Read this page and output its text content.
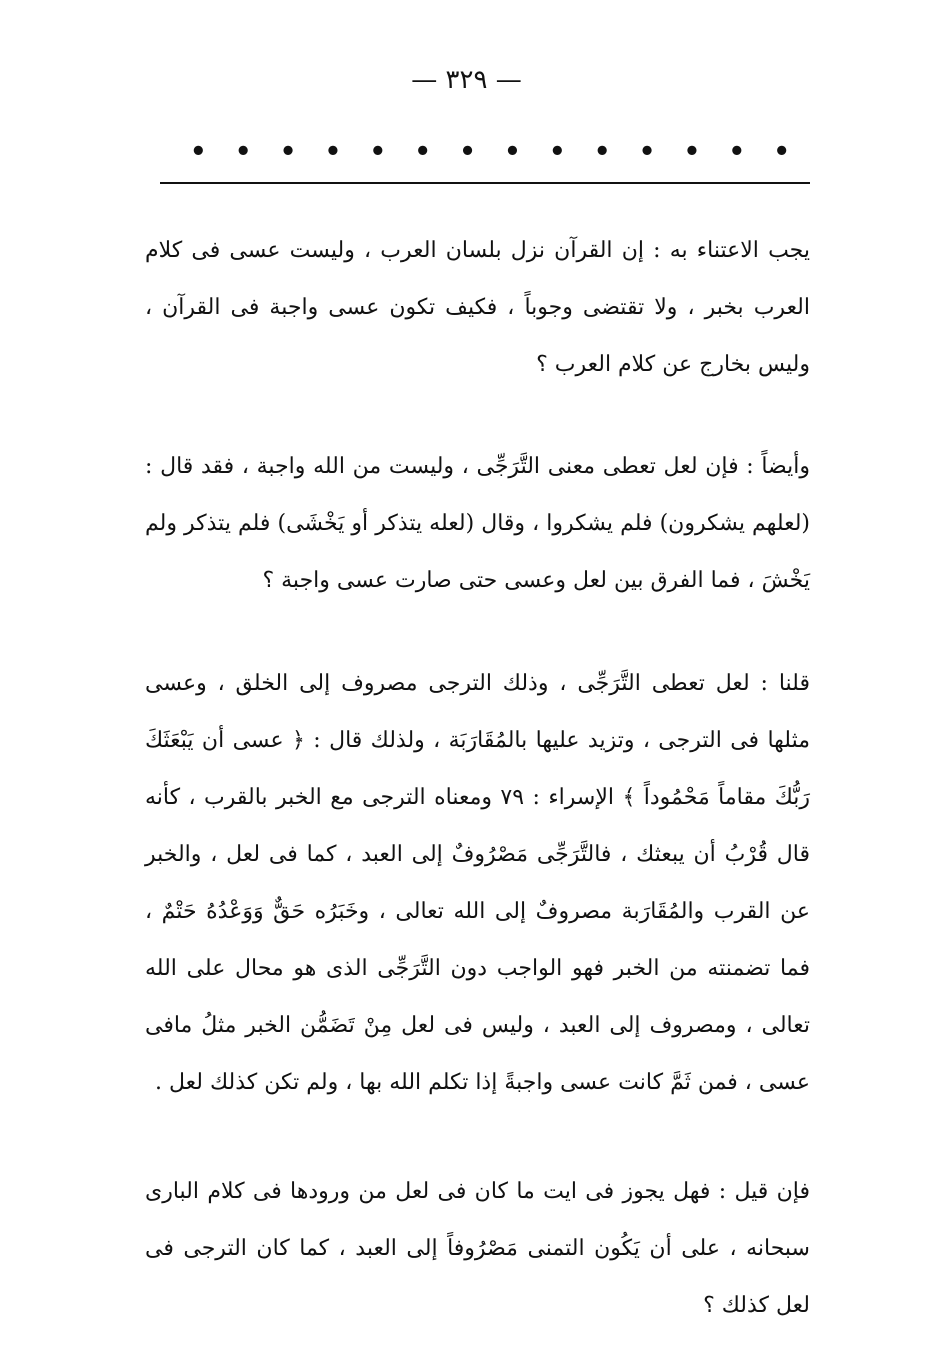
— ٣٢٩ —
• • • • • • • • • • • • • •

يجب الاعتناء به : إن القرآن نزل بلسان العرب ، وليست عسى فى كلام العرب بخبر ، ولا تقتضى وجوباً ، فكيف تكون عسى واجبة فى القرآن ، وليس بخارج عن كلام العرب ؟

وأيضاً : فإن لعل تعطى معنى التَّرَجِّى ، وليست من الله واجبة ، فقد قال : (لعلهم يشكرون) فلم يشكروا ، وقال (لعله يتذكر أو يَخْشَى) فلم يتذكر ولم يَخْشَ ، فما الفرق بين لعل وعسى حتى صارت عسى واجبة ؟

قلنا : لعل تعطى التَّرَجِّى ، وذلك الترجى مصروف إلى الخلق ، وعسى مثلها فى الترجى ، وتزيد عليها بالمُقَارَبَة ، ولذلك قال : ﴿ عسى أن يَبْعَثَكَ رَبُّكَ مقاماً مَحْمُوداً ﴾ الإسراء : ٧٩ ومعناه الترجى مع الخبر بالقرب ، كأنه قال قُرْبُ أن يبعثك ، فالتَّرَجِّى مَصْرُوفٌ إلى العبد ، كما فى لعل ، والخبر عن القرب والمُقَارَبة مصروفٌ إلى الله تعالى ، وخَبَرُه حَقٌّ وَوَعْدُهُ حَتْمٌ ، فما تضمنته من الخبر فهو الواجب دون التَّرَجِّى الذى هو محال على الله تعالى ، ومصروف إلى العبد ، وليس فى لعل مِنْ تَضَمُّن الخبر مثلُ مافى عسى ، فمن ثَمَّ كانت عسى واجبةً إذا تكلم الله بها ، ولم تكن كذلك لعل .

فإن قيل : فهل يجوز فى ايت ما كان فى لعل من ورودها فى كلام البارى سبحانه ، على أن يَكُون التمنى مَصْرُوفاً إلى العبد ، كما كان الترجى فى لعل كذلك ؟
